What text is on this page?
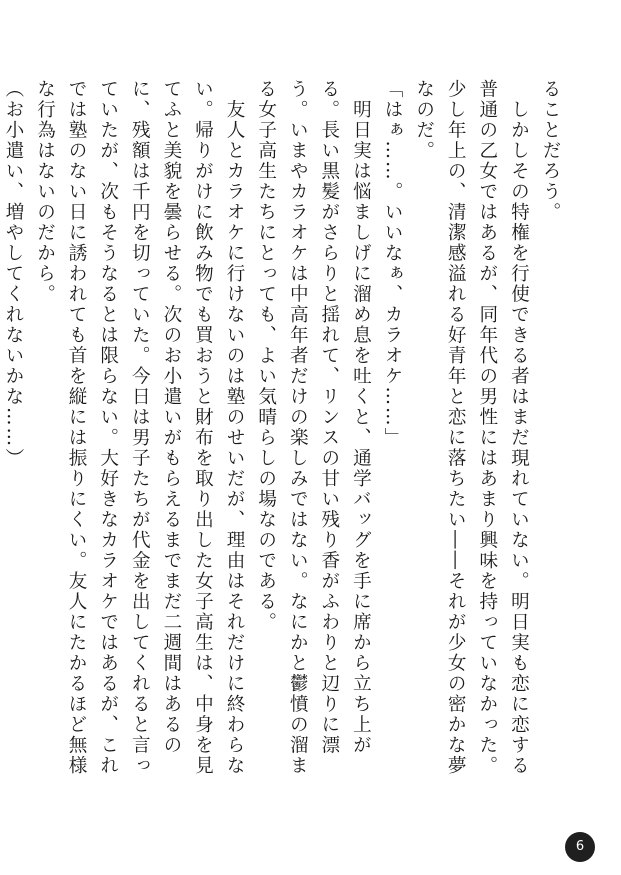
ることだろう。

　しかしその特権を行使できる者はまだ現れていない。明日実も恋に恋する普通の乙女ではあるが、同年代の男性にはあまり興味を持っていなかった。少し年上の、清潔感溢れる好青年と恋に落ちたい――それが少女の密かな夢なのだ。

「はぁ……。いいなぁ、カラオケ……」

　明日実は悩ましげに溜め息を吐くと、通学バッグを手に席から立ち上がる。長い黒髪がさらりと揺れて、リンスの甘い残り香がふわりと辺りに漂う。いまやカラオケは中高年者だけの楽しみではない。なにかと鬱憤の溜まる女子高生たちにとっても、よい気晴らしの場なのである。

　友人とカラオケに行けないのは塾のせいだが、理由はそれだけに終わらない。帰りがけに飲み物でも買おうと財布を取り出した女子高生は、中身を見てふと美貌を曇らせる。次のお小遣いがもらえるまでまだ二週間はあるのに、残額は千円を切っていた。今日は男子たちが代金を出してくれると言っていたが、次もそうなるとは限らない。大好きなカラオケではあるが、これでは塾のない日に誘われても首を縦には振りにくい。友人にたかるほど無様な行為はないのだから。

（お小遣い、増やしてくれないかな……）

6
